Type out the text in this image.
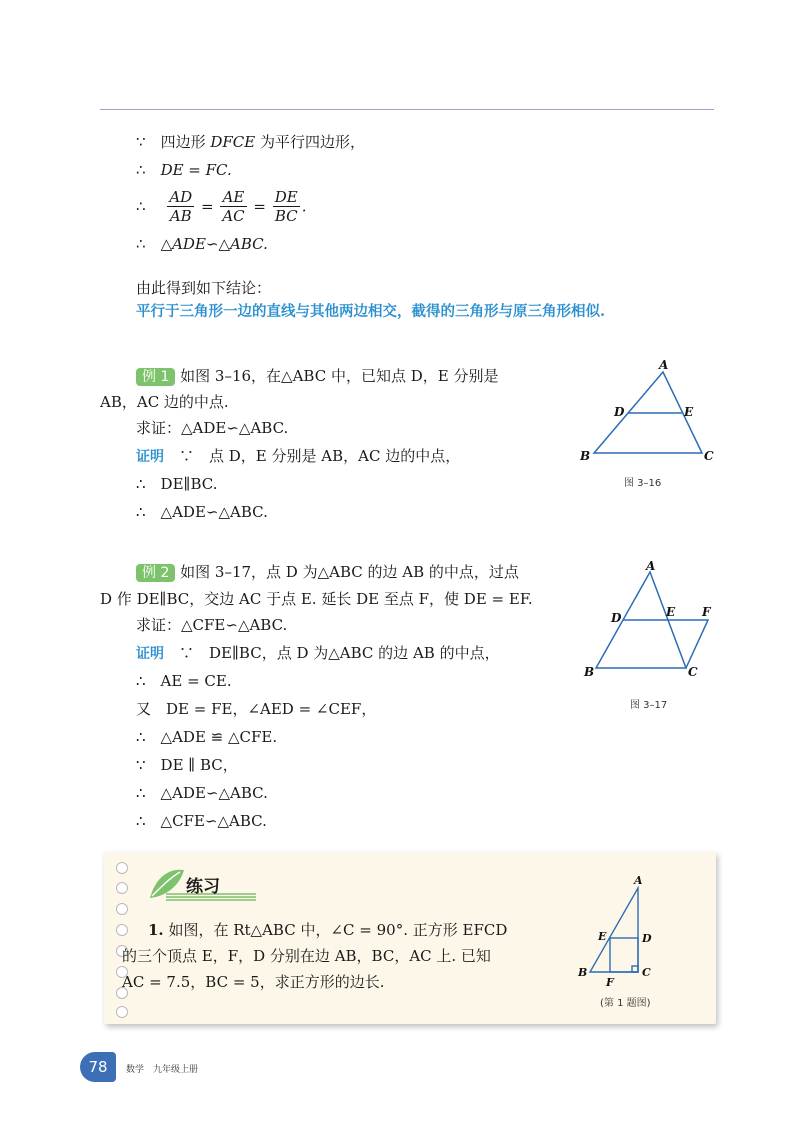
∵　 四边形 DFCE 为平行四边形，
∴　 DE = FC.
∴　 $\frac{AD}{AB} = \frac{AE}{AC} = \frac{DE}{BC}$ .
∴　 △ADE∽△ABC.
由此得到如下结论：
平行于三角形一边的直线与其他两边相交，截得的三角形与原三角形相似.
例 1 如图 3–16，在△ABC 中，已知点 D，E 分别是
AB，AC 边的中点.
求证：△ADE∽△ABC.
证明　 ∵　点 D，E 分别是 AB，AC 边的中点，
∴　DE∥BC.
∴　△ADE∽△ABC.
A
B	C
D	E
图 3–16
例 2 如图 3–17，点 D 为△ABC 的边 AB 的中点，过点
D 作 DE∥BC，交边 AC 于点 E. 延长 DE 至点 F，使 DE = EF.
求证：△CFE∽△ABC.
证明　 ∵　DE∥BC，点 D 为△ABC 的边 AB 的中点，
∴　AE = CE.
又　DE = FE，∠AED = ∠CEF，
∴　△ADE ≌ △CFE.
∵　DE ∥ BC，
∴　△ADE∽△ABC.
∴　△CFE∽△ABC.
A
B	C
D	E F
图 3–17
练习
1. 如图，在 Rt△ABC 中，∠C = 90°. 正方形 EFCD
的三个顶点 E，F，D 分别在边 AB，BC，AC 上. 已知
AC = 7.5，BC = 5，求正方形的边长.
A
B	C
D
E
F
(第 1 题图)
78	数学　九年级上册
